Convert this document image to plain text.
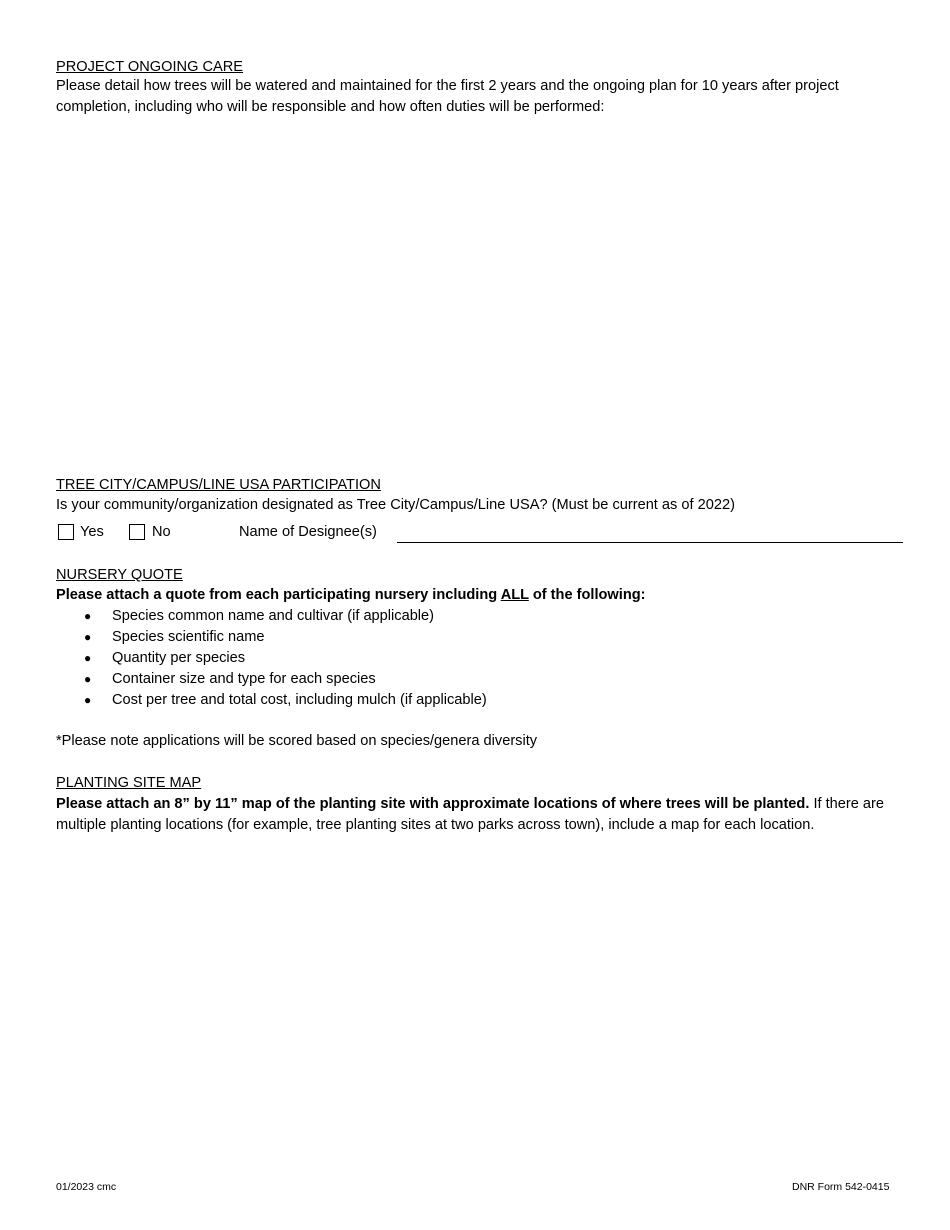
PROJECT ONGOING CARE
Please detail how trees will be watered and maintained for the first 2 years and the ongoing plan for 10 years after project completion, including who will be responsible and how often duties will be performed:
TREE CITY/CAMPUS/LINE USA PARTICIPATION
Is your community/organization designated as Tree City/Campus/Line USA? (Must be current as of 2022)
Yes	No	Name of Designee(s)
NURSERY QUOTE
Please attach a quote from each participating nursery including ALL of the following:
● Species common name and cultivar (if applicable)
● Species scientific name
● Quantity per species
● Container size and type for each species
● Cost per tree and total cost, including mulch (if applicable)
*Please note applications will be scored based on species/genera diversity
PLANTING SITE MAP
Please attach an 8” by 11” map of the planting site with approximate locations of where trees will be planted. If there are multiple planting locations (for example, tree planting sites at two parks across town), include a map for each location.
01/2023 cmc	DNR Form 542-0415
